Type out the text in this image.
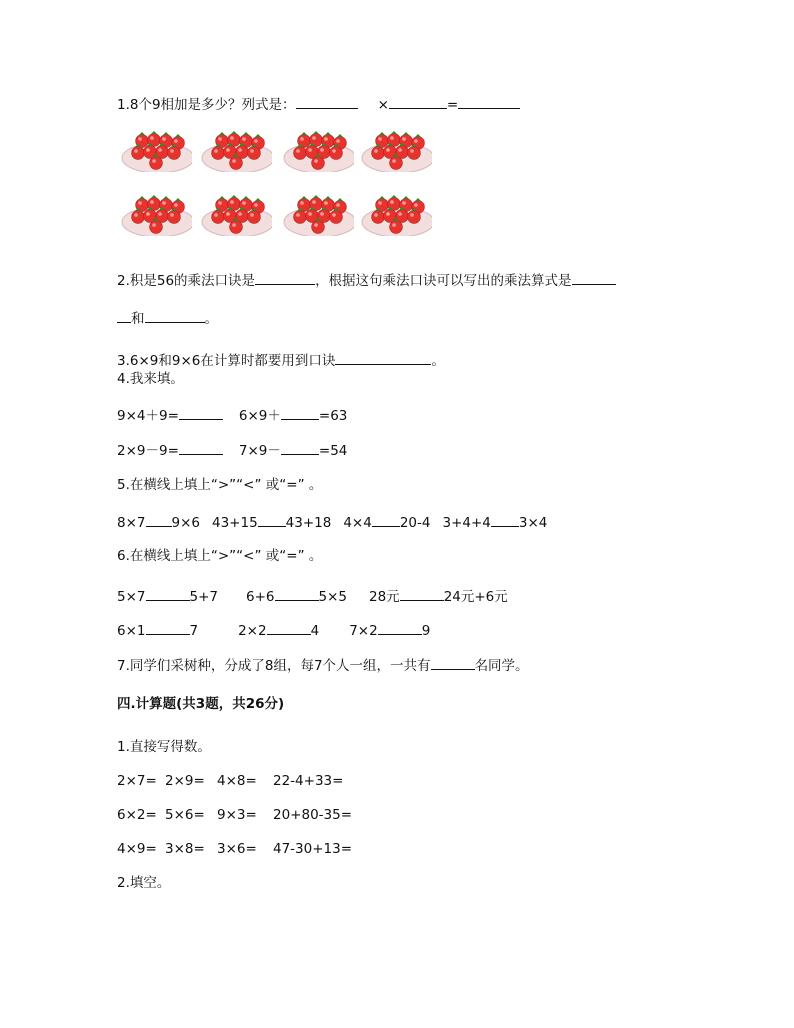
1.8个9相加是多少？列式是：	×	=
2.积是56的乘法口诀是	，根据这句乘法口诀可以写出的乘法算式是
和	。
3.6×9和9×6在计算时都要用到口诀	。
4.我来填。
9×4＋9=	6×9＋	=63
2×9－9=	7×9－	=54
5.在横线上填上“>”“<” 或“=” 。
8×7 9×6 43+15 43+18 4×4 20-4 3+4+4 3×4
6.在横线上填上“>”“<” 或“=” 。
5×7	5+7 6+6	5×5 28元	24元+6元
6×1	7	2×2	4 7×2	9
7.同学们采树种，分成了8组，每7个人一组，一共有	名同学。
四.计算题(共3题，共26分)
1.直接写得数。
2×7= 2×9= 4×8= 22-4+33=
6×2= 5×6= 9×3= 20+80-35=
4×9= 3×8= 3×6= 47-30+13=
2.填空。
